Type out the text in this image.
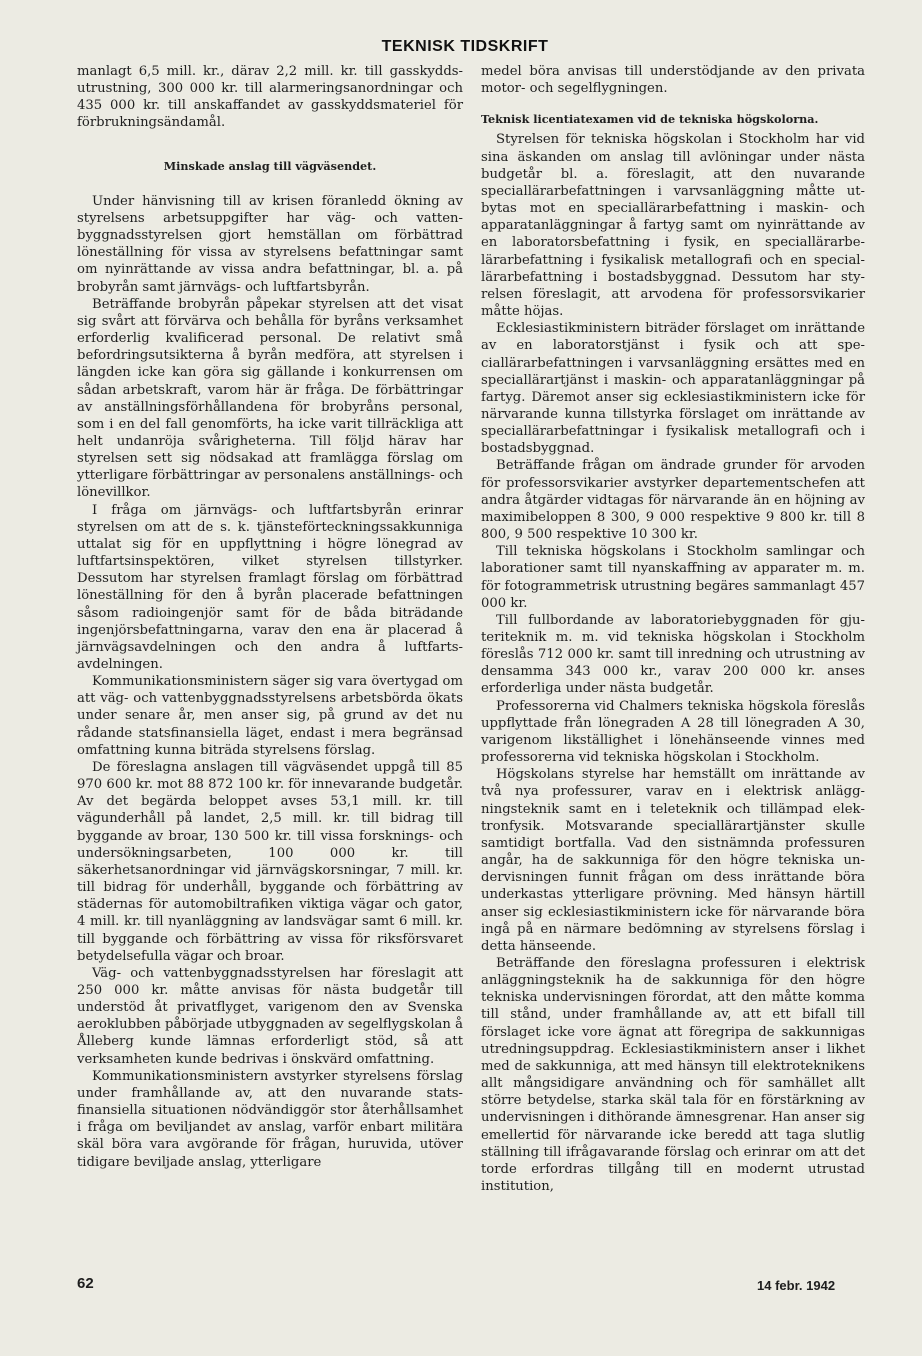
TEKNISK TIDSKRIFT

manlagt 6,5 mill. kr., därav 2,2 mill. kr. till gasskyddsutrustning, 300 000 kr. till alarmeringsanordningar och 435 000 kr. till anskaffandet av gasskyddsmateriel för förbrukningsändamål.

Minskade anslag till vägväsendet.

Under hänvisning till av krisen föranledd ökning av styrelsens arbetsuppgifter har väg- och vattenbyggnadsstyrelsen gjort hemställan om förbättrad löneställning för vissa av styrelsens befattningar samt om nyinrättande av vissa andra befattningar, bl. a. på brobyrån samt järnvägs- och luftfartsbyrån.

Beträffande brobyrån påpekar styrelsen att det visat sig svårt att förvärva och behålla för byråns verksamhet erforderlig kvalificerad personal. De relativt små befordringsutsikterna å byrån medföra, att styrelsen i längden icke kan göra sig gällande i konkurrensen om sådan arbetskraft, varom här är fråga. De förbättringar av anställningsförhållandena för brobyråns personal, som i en del fall genomförts, ha icke varit tillräckliga att helt undanröja svårigheterna. Till följd härav har styrelsen sett sig nödsakad att framlägga förslag om ytterligare förbättringar av personalens anställnings- och lönevillkor.

I fråga om järnvägs- och luftfartsbyrån erinrar styrelsen om att de s. k. tjänsteförteckningssakkunniga uttalat sig för en uppflyttning i högre lönegrad av luftfartsinspektören, vilket styrelsen tillstyrker. Dessutom har styrelsen framlagt förslag om förbättrad löneställning för den å byrån placerade befattningen såsom radioingenjör samt för de båda biträdande ingenjörsbefattningarna, varav den ena är placerad å järnvägsavdelningen och den andra å luftfartsavdelningen.

Kommunikationsministern säger sig vara övertygad om att väg- och vattenbyggnadsstyrelsens arbetsbörda ökats under senare år, men anser sig, på grund av det nu rådande statsfinansiella läget, endast i mera begränsad omfattning kunna biträda styrelsens förslag.

De föreslagna anslagen till vägväsendet uppgå till 85 970 600 kr. mot 88 872 100 kr. för innevarande budgetår. Av det begärda beloppet avses 53,1 mill. kr. till vägunderhåll på landet, 2,5 mill. kr. till bidrag till byggande av broar, 130 500 kr. till vissa forsknings- och undersökningsarbeten, 100 000 kr. till säkerhetsanordningar vid järnvägskorsningar, 7 mill. kr. till bidrag för underhåll, byggande och förbättring av städernas för automobiltrafiken viktiga vägar och gator, 4 mill. kr. till nyanläggning av landsvägar samt 6 mill. kr. till byggande och förbättring av vissa för riksförsvaret betydelsefulla vägar och broar.

Väg- och vattenbyggnadsstyrelsen har föreslagit att 250 000 kr. måtte anvisas för nästa budgetår till understöd åt privatflyget, varigenom den av Svenska aeroklubben påbörjade utbyggnaden av segelflygskolan å Ålleberg kunde lämnas erforderligt stöd, så att verksamheten kunde bedrivas i önskvärd omfattning.

Kommunikationsministern avstyrker styrelsens förslag under framhållande av, att den nuvarande statsfinansiella situationen nödvändiggör stor återhållsamhet i fråga om beviljandet av anslag, varför enbart militära skäl böra vara avgörande för frågan, huruvida, utöver tidigare beviljade anslag, ytterligare

medel böra anvisas till understödjande av den privata motor- och segelflygningen.

Teknisk licentiatexamen vid de tekniska högskolorna.

Styrelsen för tekniska högskolan i Stockholm har vid sina äskanden om anslag till avlöningar under nästa budgetår bl. a. föreslagit, att den nuvarande speciallärarbefattningen i varvsanläggning måtte utbytas mot en speciallärarbefattning i maskin- och apparatanläggningar å fartyg samt om nyinrättande av en laboratorsbefattning i fysik, en speciallärarbelärarbefattning i fysikalisk metallografi och en speciallärarbefattning i bostadsbyggnad. Dessutom har styrelsen föreslagit, att arvodena för professorsvikarier måtte höjas.

Ecklesiastikministern biträder förslaget om inrättande av en laboratorstjänst i fysik och att speciallärarbefattningen i varvsanläggning ersättes med en speciallärartjänst i maskin- och apparatanläggningar på fartyg. Däremot anser sig ecklesiastikministern icke för närvarande kunna tillstyrka förslaget om inrättande av speciallärarbefattningar i fysikalisk metallografi och i bostadsbyggnad.

Beträffande frågan om ändrade grunder för arvoden för professorsvikarier avstyrker departementschefen att andra åtgärder vidtagas för närvarande än en höjning av maximibeloppen 8 300, 9 000 respektive 9 800 kr. till 8 800, 9 500 respektive 10 300 kr.

Till tekniska högskolans i Stockholm samlingar och laborationer samt till nyanskaffning av apparater m. m. för fotogrammetrisk utrustning begäres sammanlagt 457 000 kr.

Till fullbordande av laboratoriebyggnaden för gjuteriteknik m. m. vid tekniska högskolan i Stockholm föreslås 712 000 kr. samt till inredning och utrustning av densamma 343 000 kr., varav 200 000 kr. anses erforderliga under nästa budgetår.

Professorerna vid Chalmers tekniska högskola föreslås uppflyttade från lönegraden A 28 till lönegraden A 30, varigenom likställighet i lönehänseende vinnes med professorerna vid tekniska högskolan i Stockholm.

Högskolans styrelse har hemställt om inrättande av två nya professurer, varav en i elektrisk anläggningsteknik samt en i teleteknik och tillämpad elektronfysik. Motsvarande speciallärartjänster skulle samtidigt bortfalla. Vad den sistnämnda professuren angår, ha de sakkunniga för den högre tekniska undervisningen funnit frågan om dess inrättande böra underkastas ytterligare prövning. Med hänsyn härtill anser sig ecklesiastikministern icke för närvarande böra ingå på en närmare bedömning av styrelsens förslag i detta hänseende.

Beträffande den föreslagna professuren i elektrisk anläggningsteknik ha de sakkunniga för den högre tekniska undervisningen förordat, att den måtte komma till stånd, under framhållande av, att ett bifall till förslaget icke vore ägnat att föregripa de sakkunnigas utredningsuppdrag. Ecklesiastikministern anser i likhet med de sakkunniga, att med hänsyn till elektroteknikens allt mångsidigare användning och för samhället allt större betydelse, starka skäl tala för en förstärkning av undervisningen i dithörande ämnesgrenar. Han anser sig emellertid för närvarande icke beredd att taga slutlig ställning till ifrågavarande förslag och erinrar om att det torde erfordras tillgång till en modernt utrustad institution,

62	14 febr. 1942
